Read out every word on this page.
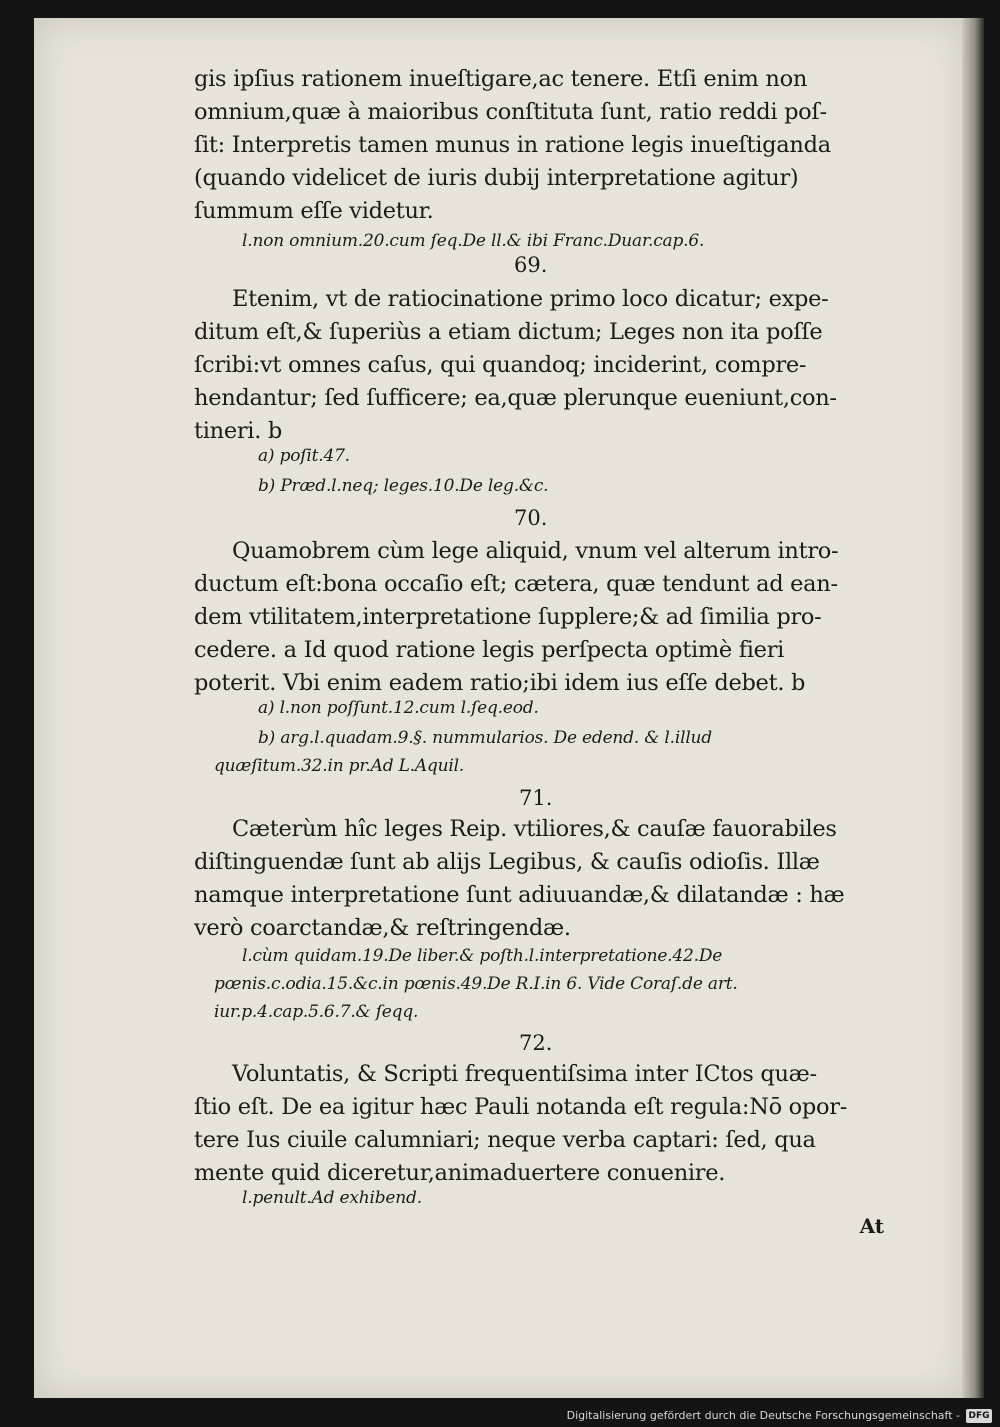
gis ipſius rationem inueſtigare,ac tenere. Etſi enim non
omnium,quæ à maioribus conſtituta ſunt, ratio reddi poſ-
ſit: Interpretis tamen munus in ratione legis inueſtiganda
(quando videlicet de iuris dubij interpretatione agitur)
ſummum eſſe videtur.
l.non omnium.20.cum ſeq.De ll.& ibi Franc.Duar.cap.6.
69.
Etenim, vt de ratiocinatione primo loco dicatur; expe-
ditum eſt,& ſuperiùs a etiam dictum; Leges non ita poſſe
ſcribi:vt omnes caſus, qui quandoq; inciderint, compre-
hendantur; ſed ſufficere; ea,quæ plerunque eueniunt,con-
tineri. b
a) poſit.47.
b) Præd.l.neq; leges.10.De leg.&c.
70.
Quamobrem cùm lege aliquid, vnum vel alterum intro-
ductum eſt:bona occaſio eſt; cætera, quæ tendunt ad ean-
dem vtilitatem,interpretatione ſupplere;& ad ſimilia pro-
cedere. a Id quod ratione legis perſpecta optimè fieri
poterit. Vbi enim eadem ratio;ibi idem ius eſſe debet. b
a) l.non poſſunt.12.cum l.ſeq.eod.
b) arg.l.quadam.9.§. nummularios. De edend. & l.illud
quæſitum.32.in pr.Ad L.Aquil.
71.
Cæterùm hîc leges Reip. vtiliores,& cauſæ fauorabiles
diſtinguendæ ſunt ab alijs Legibus, & cauſis odioſis. Illæ
namque interpretatione ſunt adiuuandæ,& dilatandæ : hæ
verò coarctandæ,& reſtringendæ.
l.cùm quidam.19.De liber.& poſth.l.interpretatione.42.De
pœnis.c.odia.15.&c.in pœnis.49.De R.I.in 6. Vide Coraſ.de art.
iur.p.4.cap.5.6.7.& ſeqq.
72.
Voluntatis, & Scripti frequentiſsima inter ICtos quæ-
ſtio eſt. De ea igitur hæc Pauli notanda eſt regula:Nō opor-
tere Ius ciuile calumniari; neque verba captari: ſed, qua
mente quid diceretur,animaduertere conuenire.
l.penult.Ad exhibend.
At
Digitalisierung gefördert durch die Deutsche Forschungsgemeinschaft - DFG
